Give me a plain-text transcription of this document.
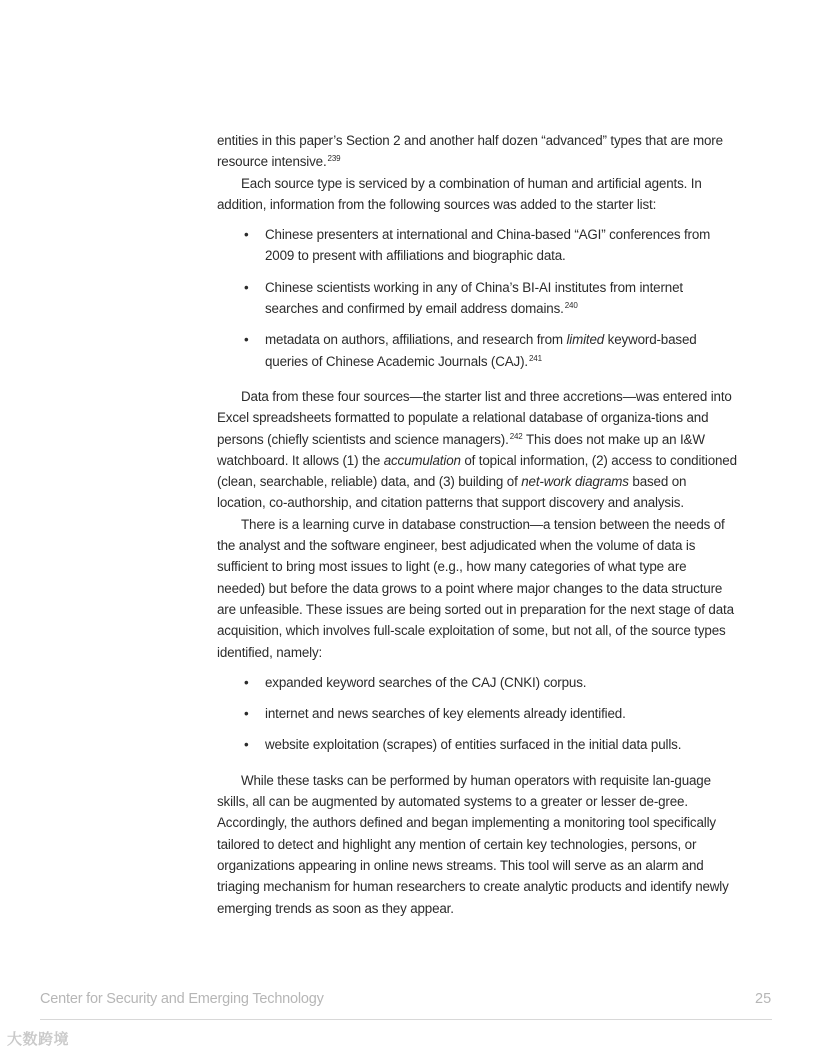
entities in this paper’s Section 2 and another half dozen “advanced” types that are more resource intensive.$^{239}$

Each source type is serviced by a combination of human and artificial agents. In addition, information from the following sources was added to the starter list:

• Chinese presenters at international and China-based “AGI” conferences from 2009 to present with affiliations and biographic data.
• Chinese scientists working in any of China’s BI-AI institutes from internet searches and confirmed by email address domains.$^{240}$
• metadata on authors, affiliations, and research from limited keyword-based queries of Chinese Academic Journals (CAJ).$^{241}$

Data from these four sources—the starter list and three accretions—was entered into Excel spreadsheets formatted to populate a relational database of organiza-tions and persons (chiefly scientists and science managers).$^{242}$ This does not make up an I&W watchboard. It allows (1) the accumulation of topical information, (2) access to conditioned (clean, searchable, reliable) data, and (3) building of net-work diagrams based on location, co-authorship, and citation patterns that support discovery and analysis.

There is a learning curve in database construction—a tension between the needs of the analyst and the software engineer, best adjudicated when the volume of data is sufficient to bring most issues to light (e.g., how many categories of what type are needed) but before the data grows to a point where major changes to the data structure are unfeasible. These issues are being sorted out in preparation for the next stage of data acquisition, which involves full-scale exploitation of some, but not all, of the source types identified, namely:

• expanded keyword searches of the CAJ (CNKI) corpus.
• internet and news searches of key elements already identified.
• website exploitation (scrapes) of entities surfaced in the initial data pulls.

While these tasks can be performed by human operators with requisite lan-guage skills, all can be augmented by automated systems to a greater or lesser de-gree. Accordingly, the authors defined and began implementing a monitoring tool specifically tailored to detect and highlight any mention of certain key technologies, persons, or organizations appearing in online news streams. This tool will serve as an alarm and triaging mechanism for human researchers to create analytic products and identify newly emerging trends as soon as they appear.

Center for Security and Emerging Technology	25
大数跨境
